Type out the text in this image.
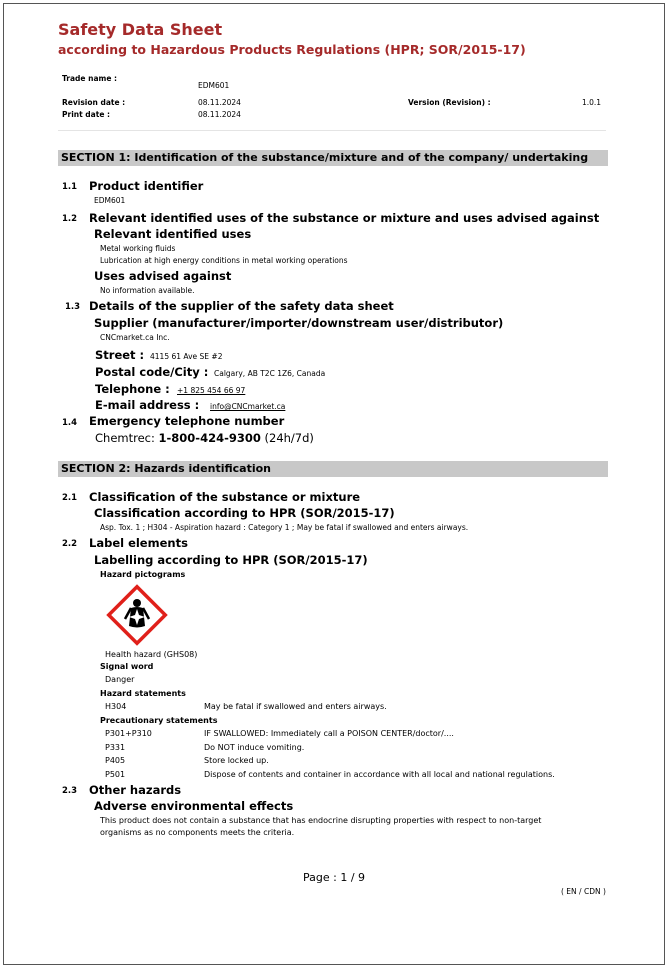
Safety Data Sheet
according to Hazardous Products Regulations (HPR; SOR/2015-17)
Trade name :
EDM601
Revision date :	08.11.2024	Version (Revision) :	1.0.1
Print date :	08.11.2024
SECTION 1: Identification of the substance/mixture and of the company/ undertaking
1.1 Product identifier
EDM601
1.2 Relevant identified uses of the substance or mixture and uses advised against
Relevant identified uses
Metal working fluids
Lubrication at high energy conditions in metal working operations
Uses advised against
No information available.
1.3 Details of the supplier of the safety data sheet
Supplier (manufacturer/importer/downstream user/distributor)
CNCmarket.ca Inc.
Street : 4115 61 Ave SE #2
Postal code/City : Calgary, AB T2C 1Z6, Canada
Telephone : +1 825 454 66 97
E-mail address : info@CNCmarket.ca
1.4 Emergency telephone number
Chemtrec: 1-800-424-9300 (24h/7d)
SECTION 2: Hazards identification
2.1 Classification of the substance or mixture
Classification according to HPR (SOR/2015-17)
Asp. Tox. 1 ; H304 - Aspiration hazard : Category 1 ; May be fatal if swallowed and enters airways.
2.2 Label elements
Labelling according to HPR (SOR/2015-17)
Hazard pictograms
Health hazard (GHS08)
Signal word
Danger
Hazard statements
H304	May be fatal if swallowed and enters airways.
Precautionary statements
P301+P310	IF SWALLOWED: Immediately call a POISON CENTER/doctor/....
P331	Do NOT induce vomiting.
P405	Store locked up.
P501	Dispose of contents and container in accordance with all local and national regulations.
2.3 Other hazards
Adverse environmental effects
This product does not contain a substance that has endocrine disrupting properties with respect to non-target
organisms as no components meets the criteria.
Page : 1 / 9
( EN / CDN )
